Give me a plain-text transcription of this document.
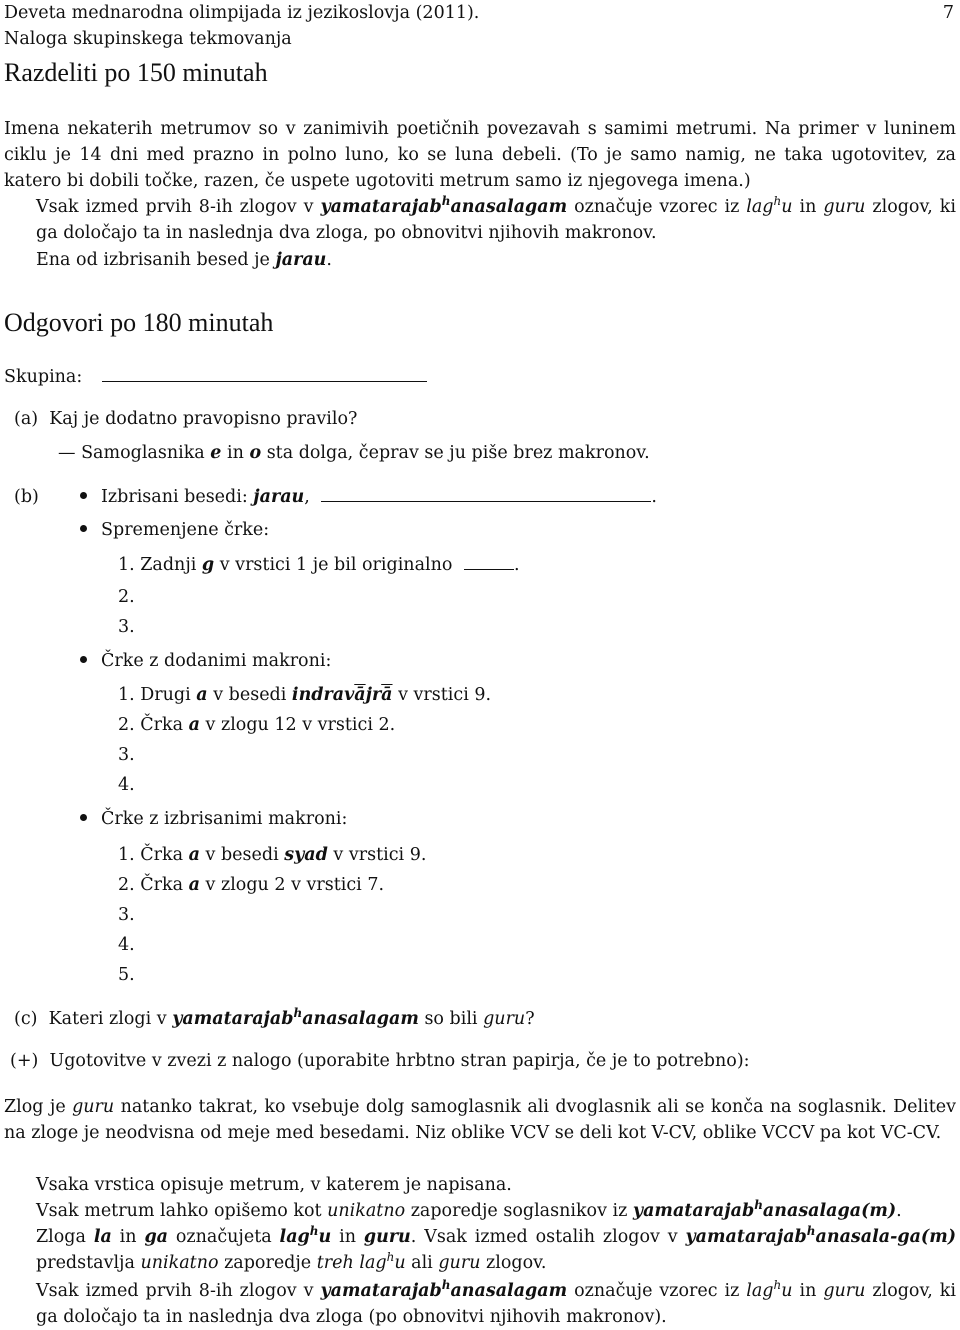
Deveta mednarodna olimpijada iz jezikoslovja (2011).
Naloga skupinskega tekmovanja
7
Razdeliti po 150 minutah
Imena nekaterih metrumov so v zanimivih poetičnih povezavah s samimi metrumi. Na primer v luninem ciklu je 14 dni med prazno in polno luno, ko se luna debeli. (To je samo namig, ne taka ugotovitev, za katero bi dobili točke, razen, če uspete ugotoviti metrum samo iz njegovega imena.)
Vsak izmed prvih 8-ih zlogov v yamatarajab$^h$anasalagam označuje vzorec iz lag$^h$u in guru zlogov, ki ga določajo ta in naslednja dva zloga, po obnovitvi njihovih makronov.
Ena od izbrisanih besed je jarau.
Odgovori po 180 minutah
Skupina:
(a) Kaj je dodatno pravopisno pravilo?
— Samoglasnika e in o sta dolga, čeprav se ju piše brez makronov.
(b)	Izbrisani besedi: jarau,	.
Spremenjene črke:
1. Zadnji g v vrstici 1 je bil originalno	.
2.
3.
Črke z dodanimi makroni:
1. Drugi a v besedi $indrav\overline{ā}jr\overline{ā}$ v vrstici 9.
2. Črka a v zlogu 12 v vrstici 2.
3.
4.
Črke z izbrisanimi makroni:
1. Črka a v besedi syad v vrstici 9.
2. Črka a v zlogu 2 v vrstici 7.
3.
4.
5.
(c) Kateri zlogi v yamatarajab$^h$anasalagam so bili guru?
(+) Ugotovitve v zvezi z nalogo (uporabite hrbtno stran papirja, če je to potrebno):
Zlog je guru natanko takrat, ko vsebuje dolg samoglasnik ali dvoglasnik ali se konča na soglasnik. Delitev na zloge je neodvisna od meje med besedami. Niz oblike VCV se deli kot V-CV, oblike VCCV pa kot VC-CV.
Vsaka vrstica opisuje metrum, v katerem je napisana.
Vsak metrum lahko opišemo kot unikatno zaporedje soglasnikov iz yamatarajab$^h$anasalaga(m).
Zloga la in ga označujeta lag$^h$u in guru. Vsak izmed ostalih zlogov v yamatarajab$^h$anasala-ga(m) predstavlja unikatno zaporedje treh lag$^h$u ali guru zlogov.
Vsak izmed prvih 8-ih zlogov v yamatarajab$^h$anasalagam označuje vzorec iz lag$^h$u in guru zlogov, ki ga določajo ta in naslednja dva zloga (po obnovitvi njihovih makronov).
